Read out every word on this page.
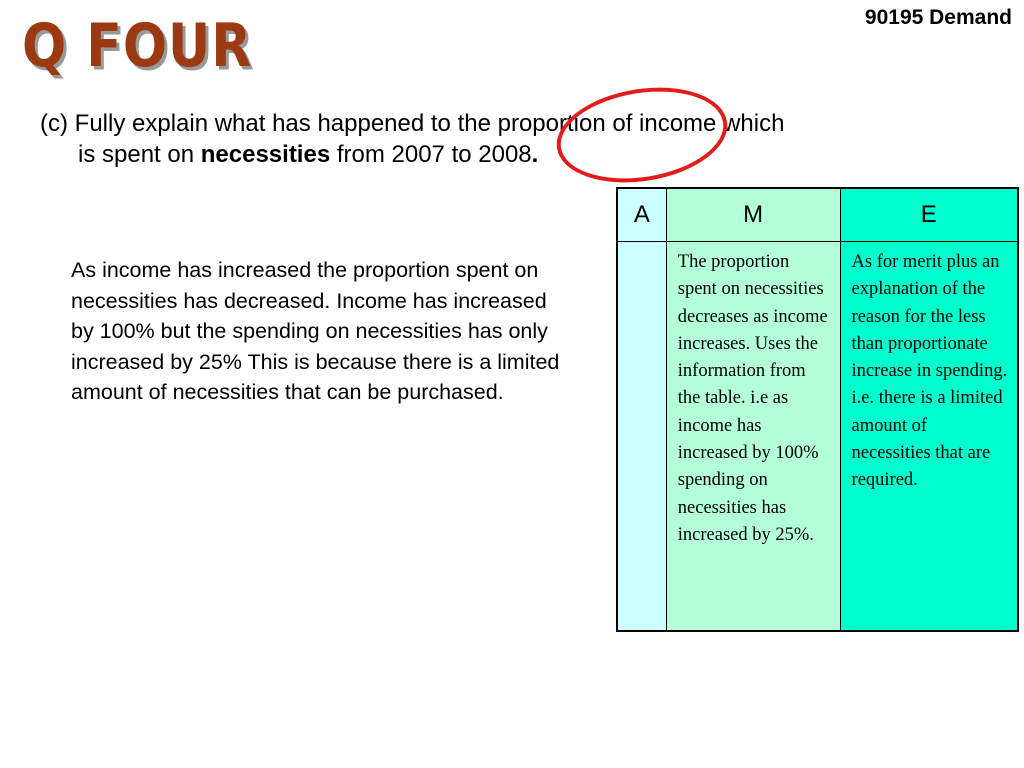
Q FOUR	90195 Demand
(c) Fully explain what has happened to the proportion of income which
is spent on necessities from 2007 to 2008.
As income has increased the proportion spent on necessities has decreased. Income has increased by 100% but the spending on necessities has only increased by 25% This is because there is a limited amount of necessities that can be purchased.
A	M	E

	The proportion spent on necessities decreases as income increases. Uses the information from the table. i.e as income has increased by 100% spending on necessities has increased by 25%.	As for merit plus an explanation of the reason for the less than proportionate increase in spending. i.e. there is a limited amount of necessities that are required.
